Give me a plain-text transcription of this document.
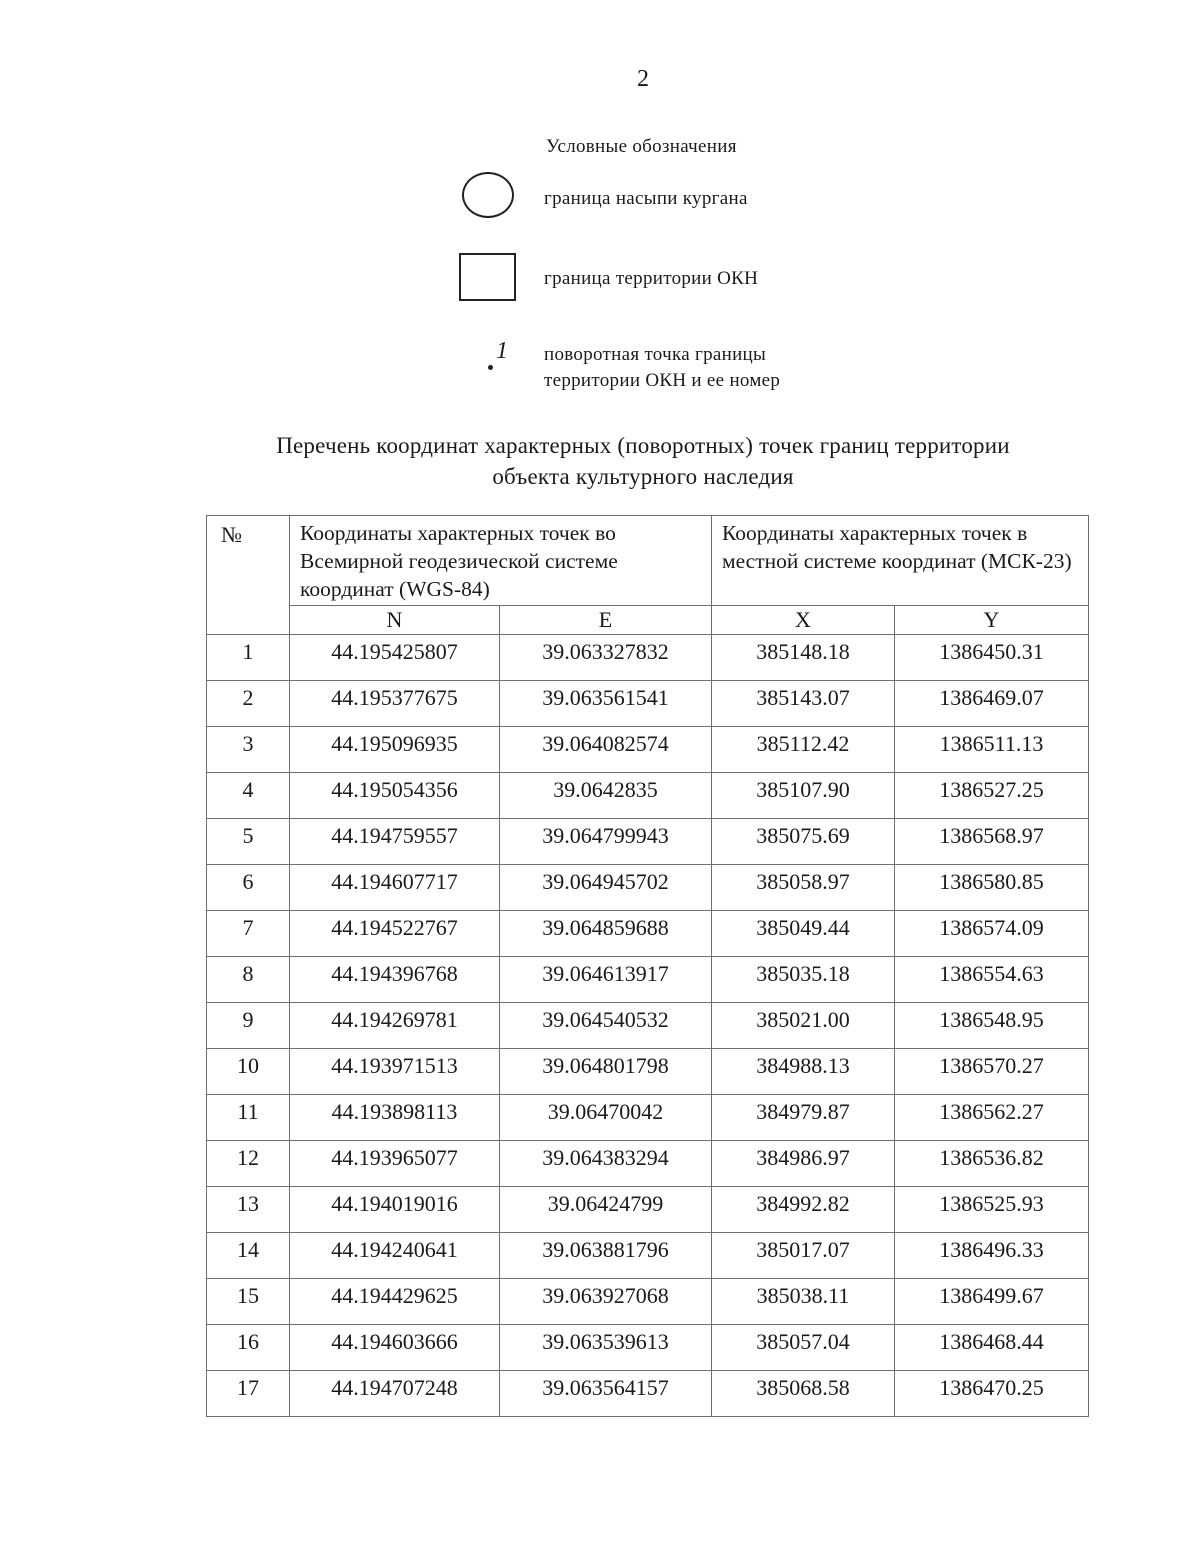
2
Условные обозначения
граница насыпи кургана
граница территории ОКН
1 поворотная точка границы
территории ОКН и ее номер
Перечень координат характерных (поворотных) точек границ территории
объекта культурного наследия
№	Координаты характерных точек во Всемирной геодезической системе координат (WGS-84)		Координаты характерных точек в местной системе координат (МСК-23)	
	N	E	X	Y
1	44.195425807	39.063327832	385148.18	1386450.31
2	44.195377675	39.063561541	385143.07	1386469.07
3	44.195096935	39.064082574	385112.42	1386511.13
4	44.195054356	39.0642835	385107.90	1386527.25
5	44.194759557	39.064799943	385075.69	1386568.97
6	44.194607717	39.064945702	385058.97	1386580.85
7	44.194522767	39.064859688	385049.44	1386574.09
8	44.194396768	39.064613917	385035.18	1386554.63
9	44.194269781	39.064540532	385021.00	1386548.95
10	44.193971513	39.064801798	384988.13	1386570.27
11	44.193898113	39.06470042	384979.87	1386562.27
12	44.193965077	39.064383294	384986.97	1386536.82
13	44.194019016	39.06424799	384992.82	1386525.93
14	44.194240641	39.063881796	385017.07	1386496.33
15	44.194429625	39.063927068	385038.11	1386499.67
16	44.194603666	39.063539613	385057.04	1386468.44
17	44.194707248	39.063564157	385068.58	1386470.25
